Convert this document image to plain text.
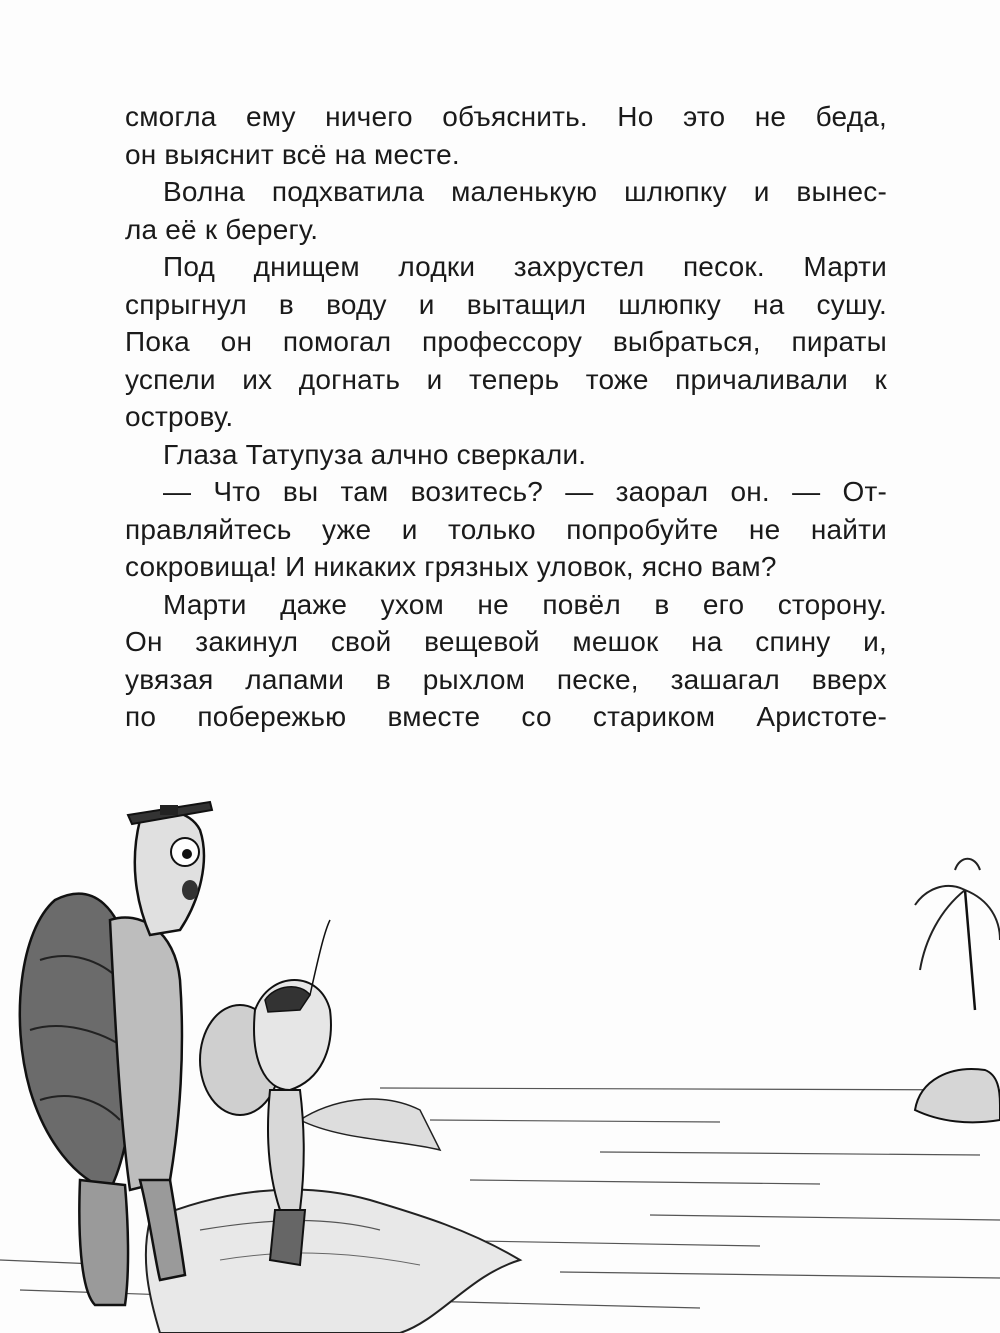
смогла ему ничего объяснить. Но это не беда,
он выяснит всё на месте.
Волна подхватила маленькую шлюпку и вынес-
ла её к берегу.
Под днищем лодки захрустел песок. Марти
спрыгнул в воду и вытащил шлюпку на сушу.
Пока он помогал профессору выбраться, пираты
успели их догнать и теперь тоже причаливали к
острову.
Глаза Татупуза алчно сверкали.
— Что вы там возитесь? — заорал он. — От-
правляйтесь уже и только попробуйте не найти
сокровища! И никаких грязных уловок, ясно вам?
Марти даже ухом не повёл в его сторону.
Он закинул свой вещевой мешок на спину и,
увязая лапами в рыхлом песке, зашагал вверх
по побережью вместе со стариком Аристоте-
